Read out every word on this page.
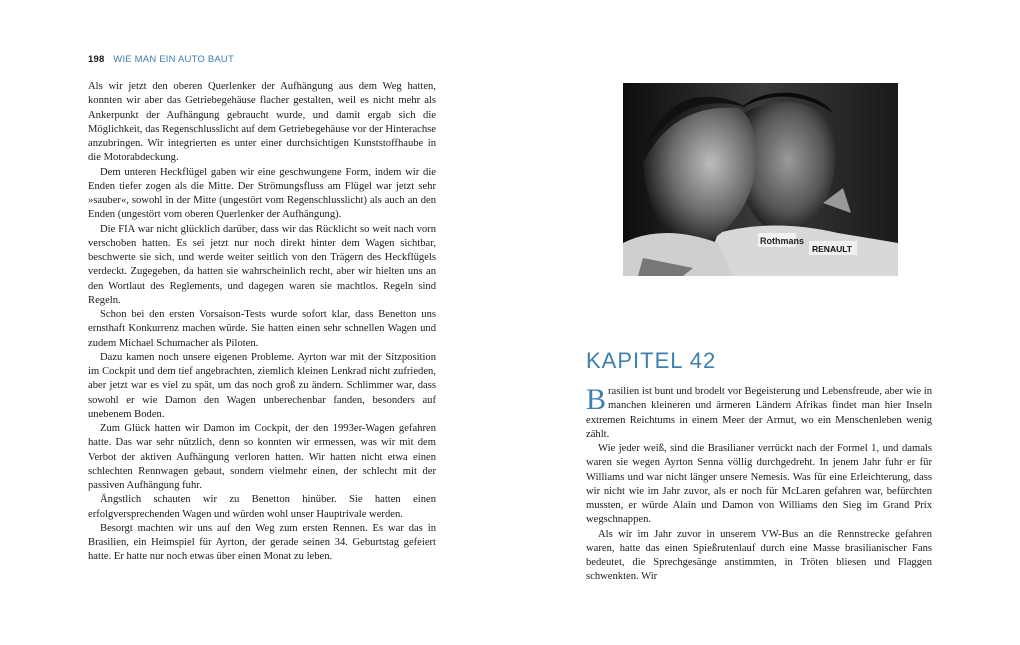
198 WIE MAN EIN AUTO BAUT

Als wir jetzt den oberen Querlenker der Aufhängung aus dem Weg hatten, konnten wir aber das Getriebegehäuse flacher gestalten, weil es nicht mehr als Ankerpunkt der Aufhängung gebraucht wurde, und damit ergab sich die Möglichkeit, das Regenschlusslicht auf dem Getriebegehäuse vor der Hinterachse anzubringen. Wir integrierten es unter einer durchsichtigen Kunststoffhaube in die Motorabdeckung.

Dem unteren Heckflügel gaben wir eine geschwungene Form, indem wir die Enden tiefer zogen als die Mitte. Der Strömungsfluss am Flügel war jetzt sehr »sauber«, sowohl in der Mitte (ungestört vom Regenschlusslicht) als auch an den Enden (ungestört vom oberen Querlenker der Aufhängung).

Die FIA war nicht glücklich darüber, dass wir das Rücklicht so weit nach vorn verschoben hatten. Es sei jetzt nur noch direkt hinter dem Wagen sichtbar, beschwerte sie sich, und werde weiter seitlich von den Trägern des Heckflügels verdeckt. Zugegeben, da hatten sie wahrscheinlich recht, aber wir hielten uns an den Wortlaut des Reglements, und dagegen waren sie machtlos. Regeln sind Regeln.

Schon bei den ersten Vorsaison-Tests wurde sofort klar, dass Benetton uns ernsthaft Konkurrenz machen würde. Sie hatten einen sehr schnellen Wagen und zudem Michael Schumacher als Piloten.

Dazu kamen noch unsere eigenen Probleme. Ayrton war mit der Sitzposition im Cockpit und dem tief angebrachten, ziemlich kleinen Lenkrad nicht zufrieden, aber jetzt war es viel zu spät, um das noch groß zu ändern. Schlimmer war, dass sowohl er wie Damon den Wagen unberechenbar fanden, besonders auf unebenem Boden.

Zum Glück hatten wir Damon im Cockpit, der den 1993er-Wagen gefahren hatte. Das war sehr nützlich, denn so konnten wir ermessen, was wir mit dem Verbot der aktiven Aufhängung verloren hatten. Wir hatten nicht etwa einen schlechten Rennwagen gebaut, sondern vielmehr einen, der schlecht mit der passiven Aufhängung fuhr.

Ängstlich schauten wir zu Benetton hinüber. Sie hatten einen erfolgversprechenden Wagen und würden wohl unser Hauptrivale werden.

Besorgt machten wir uns auf den Weg zum ersten Rennen. Es war das in Brasilien, ein Heimspiel für Ayrton, der gerade seinen 34. Geburtstag gefeiert hatte. Er hatte nur noch etwas über einen Monat zu leben.

Rothmans
RENAULT
KAPITEL 42

Brasilien ist bunt und brodelt vor Begeisterung und Lebensfreude, aber wie in manchen kleineren und ärmeren Ländern Afrikas findet man hier Inseln extremen Reichtums in einem Meer der Armut, wo ein Menschenleben wenig zählt.

Wie jeder weiß, sind die Brasilianer verrückt nach der Formel 1, und damals waren sie wegen Ayrton Senna völlig durchgedreht. In jenem Jahr fuhr er für Williams und war nicht länger unsere Nemesis. Was für eine Erleichterung, dass wir nicht wie im Jahr zuvor, als er noch für McLaren gefahren war, befürchten mussten, er würde Alain und Damon von Williams den Sieg im Grand Prix wegschnappen.

Als wir im Jahr zuvor in unserem VW-Bus an die Rennstrecke gefahren waren, hatte das einen Spießrutenlauf durch eine Masse brasilianischer Fans bedeutet, die Sprechgesänge anstimmten, in Tröten bliesen und Flaggen schwenkten. Wir
